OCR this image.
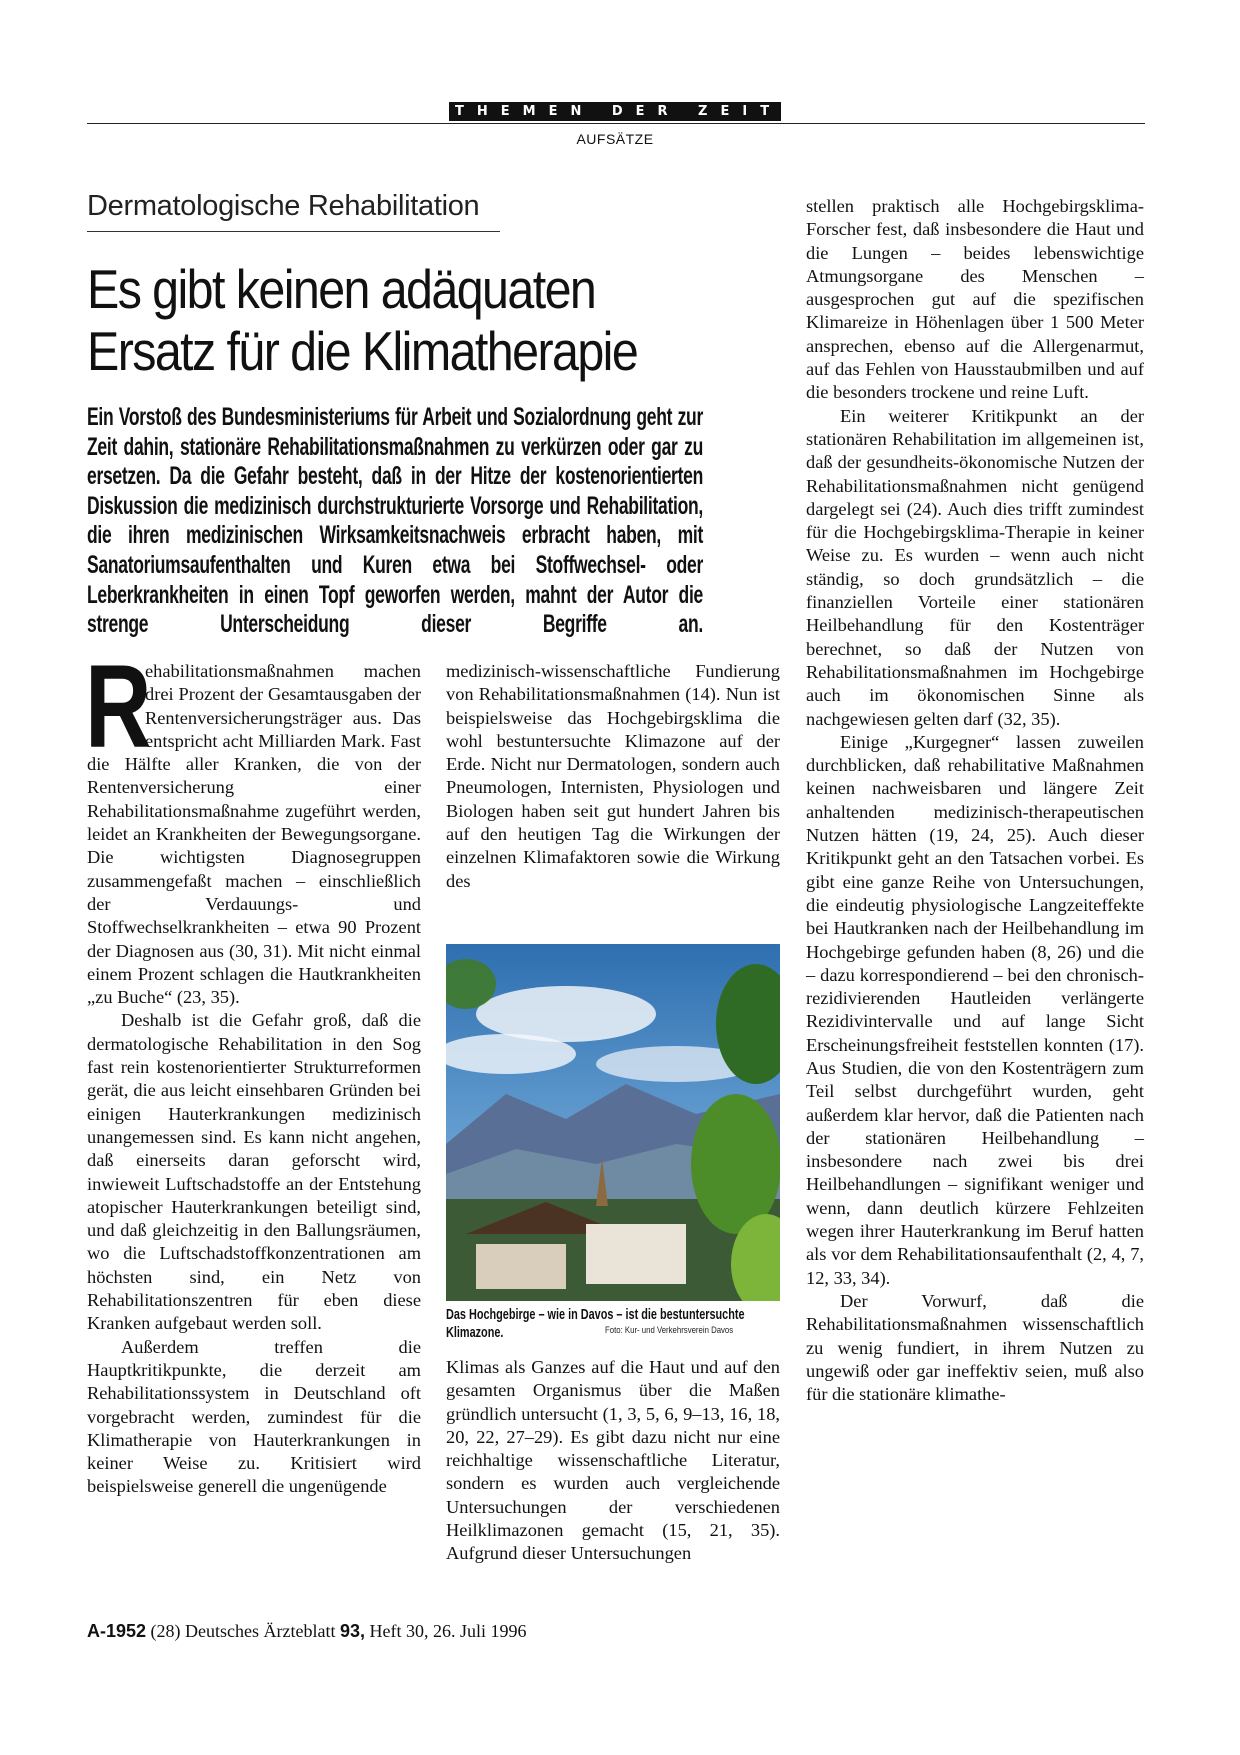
THEMEN DER ZEIT
AUFSÄTZE
Dermatologische Rehabilitation
Es gibt keinen adäquaten
Ersatz für die Klimatherapie
Ein Vorstoß des Bundesministeriums für Arbeit und Sozialordnung geht zur Zeit dahin, stationäre Rehabilitationsmaßnahmen zu verkürzen oder gar zu ersetzen. Da die Gefahr besteht, daß in der Hitze der kostenorientierten Diskussion die medizinisch durchstrukturierte Vorsorge und Rehabilitation, die ihren medizinischen Wirksamkeitsnachweis erbracht haben, mit Sanatoriumsaufenthalten und Kuren etwa bei Stoffwechsel- oder Leberkrankheiten in einen Topf geworfen werden, mahnt der Autor die strenge Unterscheidung dieser Begriffe an.

R
ehabilitationsmaßnahmen machen drei Prozent der Gesamtausgaben der Rentenversicherungsträger aus. Das entspricht acht Milliarden Mark. Fast die Hälfte aller Kranken, die von der Rentenversicherung einer Rehabilitationsmaßnahme zugeführt werden, leidet an Krankheiten der Bewegungsorgane. Die wichtigsten Diagnosegruppen zusammengefaßt machen – einschließlich der Verdauungs- und Stoffwechselkrankheiten – etwa 90 Prozent der Diagnosen aus (30, 31). Mit nicht einmal einem Prozent schlagen die Hautkrankheiten „zu Buche“ (23, 35).

Deshalb ist die Gefahr groß, daß die dermatologische Rehabilitation in den Sog fast rein kostenorientierter Strukturreformen gerät, die aus leicht einsehbaren Gründen bei einigen Hauterkrankungen medizinisch unangemessen sind. Es kann nicht angehen, daß einerseits daran geforscht wird, inwieweit Luftschadstoffe an der Entstehung atopischer Hauterkrankungen beteiligt sind, und daß gleichzeitig in den Ballungsräumen, wo die Luftschadstoffkonzentrationen am höchsten sind, ein Netz von Rehabilitationszentren für eben diese Kranken aufgebaut werden soll.

Außerdem treffen die Hauptkritikpunkte, die derzeit am Rehabilitationssystem in Deutschland oft vorgebracht werden, zumindest für die Klimatherapie von Hauterkrankungen in keiner Weise zu. Kritisiert wird beispielsweise generell die ungenügende

medizinisch-wissenschaftliche Fundierung von Rehabilitationsmaßnahmen (14). Nun ist beispielsweise das Hochgebirgsklima die wohl bestuntersuchte Klimazone auf der Erde. Nicht nur Dermatologen, sondern auch Pneumologen, Internisten, Physiologen und Biologen haben seit gut hundert Jahren bis auf den heutigen Tag die Wirkungen der einzelnen Klimafaktoren sowie die Wirkung des

Das Hochgebirge – wie in Davos – ist die bestuntersuchte Klimazone.	Foto: Kur- und Verkehrsverein Davos

Klimas als Ganzes auf die Haut und auf den gesamten Organismus über die Maßen gründlich untersucht (1, 3, 5, 6, 9–13, 16, 18, 20, 22, 27–29). Es gibt dazu nicht nur eine reichhaltige wissenschaftliche Literatur, sondern es wurden auch vergleichende Untersuchungen der verschiedenen Heilklimazonen gemacht (15, 21, 35). Aufgrund dieser Untersuchungen

stellen praktisch alle Hochgebirgsklima-Forscher fest, daß insbesondere die Haut und die Lungen – beides lebenswichtige Atmungsorgane des Menschen – ausgesprochen gut auf die spezifischen Klimareize in Höhenlagen über 1 500 Meter ansprechen, ebenso auf die Allergenarmut, auf das Fehlen von Hausstaubmilben und auf die besonders trockene und reine Luft.

Ein weiterer Kritikpunkt an der stationären Rehabilitation im allgemeinen ist, daß der gesundheits-ökonomische Nutzen der Rehabilitationsmaßnahmen nicht genügend dargelegt sei (24). Auch dies trifft zumindest für die Hochgebirgsklima-Therapie in keiner Weise zu. Es wurden – wenn auch nicht ständig, so doch grundsätzlich – die finanziellen Vorteile einer stationären Heilbehandlung für den Kostenträger berechnet, so daß der Nutzen von Rehabilitationsmaßnahmen im Hochgebirge auch im ökonomischen Sinne als nachgewiesen gelten darf (32, 35).

Einige „Kurgegner“ lassen zuweilen durchblicken, daß rehabilitative Maßnahmen keinen nachweisbaren und längere Zeit anhaltenden medizinisch-therapeutischen Nutzen hätten (19, 24, 25). Auch dieser Kritikpunkt geht an den Tatsachen vorbei. Es gibt eine ganze Reihe von Untersuchungen, die eindeutig physiologische Langzeiteffekte bei Hautkranken nach der Heilbehandlung im Hochgebirge gefunden haben (8, 26) und die – dazu korrespondierend – bei den chronisch-rezidivierenden Hautleiden verlängerte Rezidivintervalle und auf lange Sicht Erscheinungsfreiheit feststellen konnten (17). Aus Studien, die von den Kostenträgern zum Teil selbst durchgeführt wurden, geht außerdem klar hervor, daß die Patienten nach der stationären Heilbehandlung – insbesondere nach zwei bis drei Heilbehandlungen – signifikant weniger und wenn, dann deutlich kürzere Fehlzeiten wegen ihrer Hauterkrankung im Beruf hatten als vor dem Rehabilitationsaufenthalt (2, 4, 7, 12, 33, 34).

Der Vorwurf, daß die Rehabilitationsmaßnahmen wissenschaftlich zu wenig fundiert, in ihrem Nutzen zu ungewiß oder gar ineffektiv seien, muß also für die stationäre klimathe-

A-1952 (28) Deutsches Ärzteblatt 93, Heft 30, 26. Juli 1996
